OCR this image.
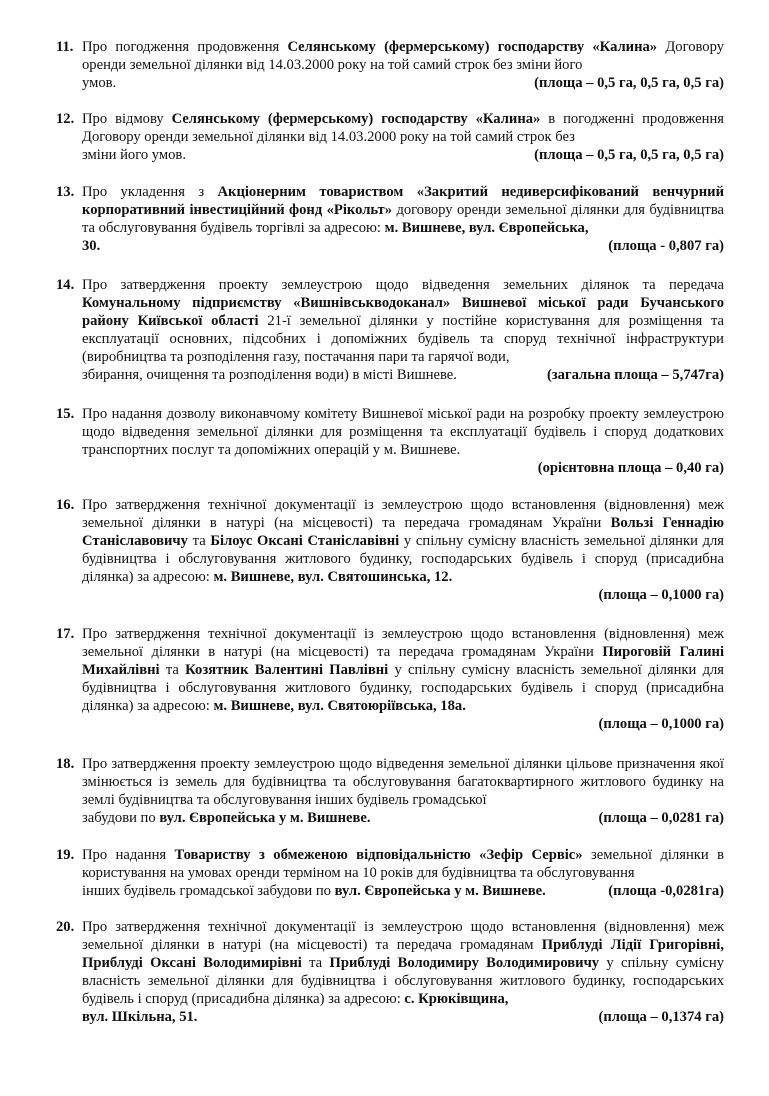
11. Про погодження продовження Селянському (фермерському) господарству «Калина» Договору оренди земельної ділянки від 14.03.2000 року на той самий строк без зміни його

умов.	(площа – 0,5 га, 0,5 га, 0,5 га)
12. Про відмову Селянському (фермерському) господарству «Калина» в погодженні продовження Договору оренди земельної ділянки від 14.03.2000 року на той самий строк без

зміни його умов.	(площа – 0,5 га, 0,5 га, 0,5 га)
13. Про укладення з Акціонерним товариством «Закритий недиверсифікований венчурний корпоративний інвестиційний фонд «Рікольт» договору оренди земельної ділянки для будівництва та обслуговування будівель торгівлі за адресою: м. Вишневе, вул. Європейська,

30.	(площа - 0,807 га)
14. Про затвердження проекту землеустрою щодо відведення земельних ділянок та передача Комунальному підприємству «Вишнівськводоканал» Вишневої міської ради Бучанського району Київської області 21-ї земельної ділянки у постійне користування для розміщення та експлуатації основних, підсобних і допоміжних будівель та споруд технічної інфраструктури (виробництва та розподілення газу, постачання пари та гарячої води,

збирання, очищення та розподілення води) в місті Вишневе.	(загальна площа – 5,747га)
15. Про надання дозволу виконавчому комітету Вишневої міської ради на розробку проекту землеустрою щодо відведення земельної ділянки для розміщення та експлуатації будівель і споруд додаткових транспортних послуг та допоміжних операцій у м. Вишневе.

(орієнтовна площа – 0,40 га)
16. Про затвердження технічної документації із землеустрою щодо встановлення (відновлення) меж земельної ділянки в натурі (на місцевості) та передача громадянам України Вользі Геннадію Станіславовичу та Білоус Оксані Станіславівні у спільну сумісну власність земельної ділянки для будівництва і обслуговування житлового будинку, господарських будівель і споруд (присадибна ділянка) за адресою: м. Вишневе, вул. Святошинська, 12.

(площа – 0,1000 га)
17. Про затвердження технічної документації із землеустрою щодо встановлення (відновлення) меж земельної ділянки в натурі (на місцевості) та передача громадянам України Пироговій Галині Михайлівні та Козятник Валентині Павлівні у спільну сумісну власність земельної ділянки для будівництва і обслуговування житлового будинку, господарських будівель і споруд (присадибна ділянка) за адресою: м. Вишневе, вул. Святоюріївська, 18а.

(площа – 0,1000 га)
18. Про затвердження проекту землеустрою щодо відведення земельної ділянки цільове призначення якої змінюється із земель для будівництва та обслуговування багатоквартирного житлового будинку на землі будівництва та обслуговування інших будівель громадської

забудови по вул. Європейська у м. Вишневе.	(площа – 0,0281 га)
19. Про надання Товариству з обмеженою відповідальністю «Зефір Сервіс» земельної ділянки в користування на умовах оренди терміном на 10 років для будівництва та обслуговування

інших будівель громадської забудови по вул. Європейська у м. Вишневе.	(площа -0,0281га)
20. Про затвердження технічної документації із землеустрою щодо встановлення (відновлення) меж земельної ділянки в натурі (на місцевості) та передача громадянам Приблуді Лідії Григорівні, Приблуді Оксані Володимирівні та Приблуді Володимиру Володимировичу у спільну сумісну власність земельної ділянки для будівництва і обслуговування житлового будинку, господарських будівель і споруд (присадибна ділянка) за адресою: с. Крюківщина,

вул. Шкільна, 51.	(площа – 0,1374 га)
